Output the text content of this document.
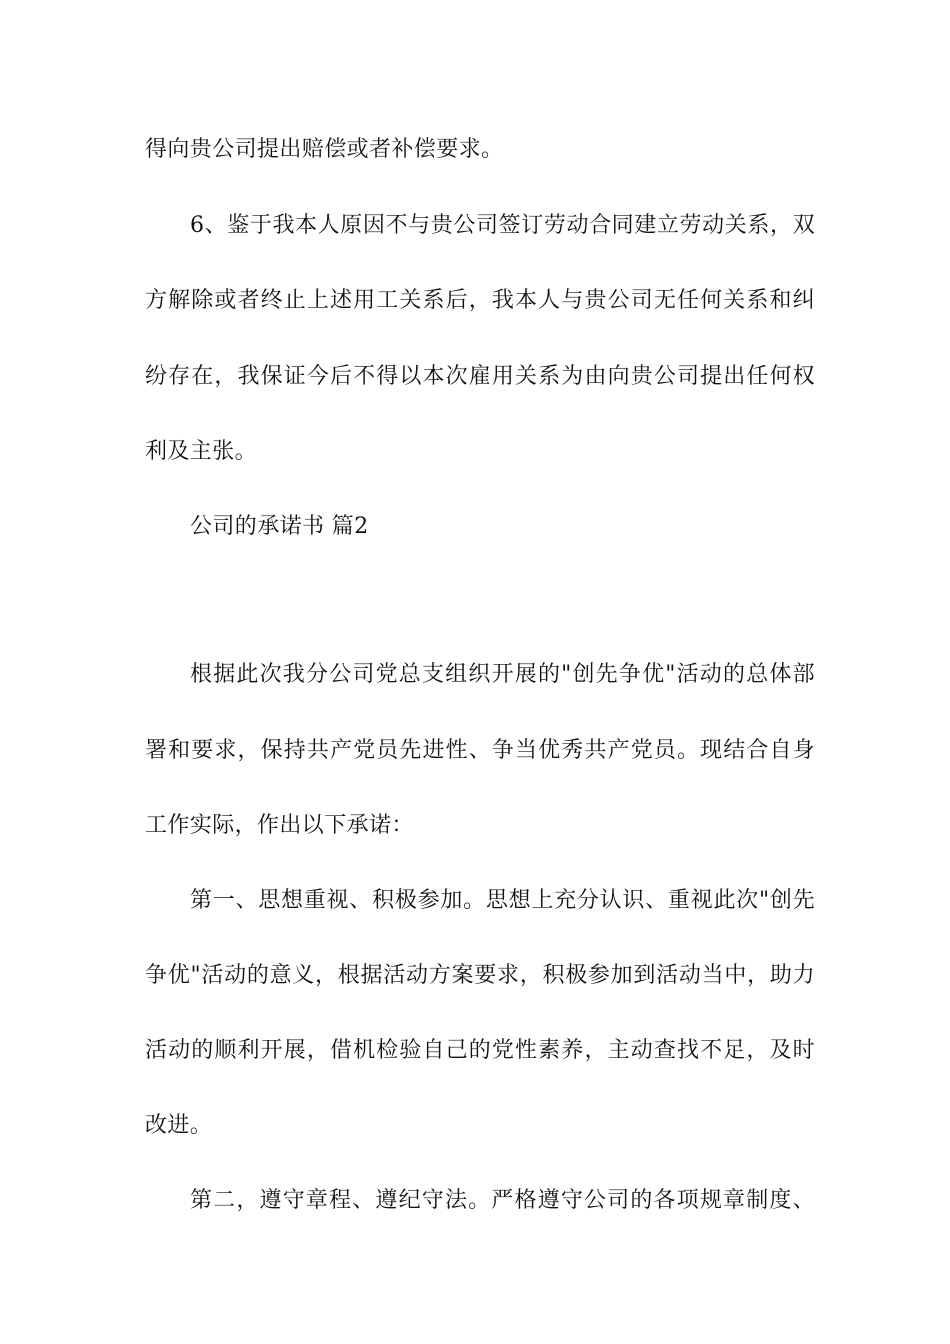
得向贵公司提出赔偿或者补偿要求。
6、鉴于我本人原因不与贵公司签订劳动合同建立劳动关系，双
方解除或者终止上述用工关系后，我本人与贵公司无任何关系和纠
纷存在，我保证今后不得以本次雇用关系为由向贵公司提出任何权
利及主张。
公司的承诺书 篇2
根据此次我分公司党总支组织开展的"创先争优"活动的总体部
署和要求，保持共产党员先进性、争当优秀共产党员。现结合自身
工作实际，作出以下承诺：
第一、思想重视、积极参加。思想上充分认识、重视此次"创先
争优"活动的意义，根据活动方案要求，积极参加到活动当中，助力
活动的顺利开展，借机检验自己的党性素养，主动查找不足，及时
改进。
第二，遵守章程、遵纪守法。严格遵守公司的各项规章制度、
